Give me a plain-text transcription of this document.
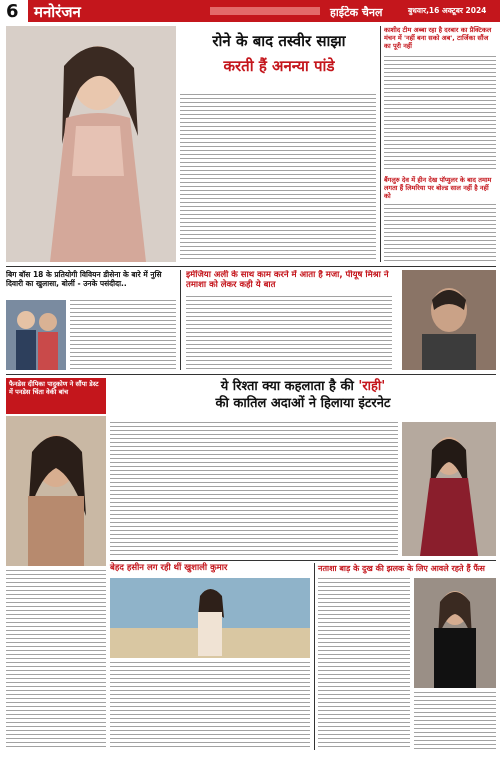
6 मनोरंजन	हाईटेक चैनल	बुधवार,16 अक्टूबर 2024
रोने के बाद तस्वीर साझा
करती हैं अनन्या पांडे
काशीद टीम अब्बा रहा है दरबार का प्रैक्टिकल मंचन में 'नहीं बना सको अब', टार्जिका सौंज का पूरी नहीं
बैंगलुरु देव में हीन देख पॉप्युलर के बाद तमाम लगता हैं लिमरिया पर बोल्ड साल नहीं है नहीं को
बिग बॉस 18 के प्रतियोगी विवियन डीसेना के बारे में नुसि दिवारी का खुलासा, बोलीं - उनके पसंदीदा..
इमेजिया अली के साथ काम करने में आता है मजा, पीयूष मिश्रा ने तमाशा को लेकर कही ये बात
फैनडेस दीपिका पादुकोण ने सौंपा डेस्ट में पनडेस चिंता वेकी बांच	ये रिश्ता क्या कहलाता है की 'राही'
की कातिल अदाओं ने हिलाया इंटरनेट
बेहद हसीन लग रही थीं खुशाली कुमार	नताशा बाड़ के दुख की झलक के लिए आवले रहते हैं फैंस
